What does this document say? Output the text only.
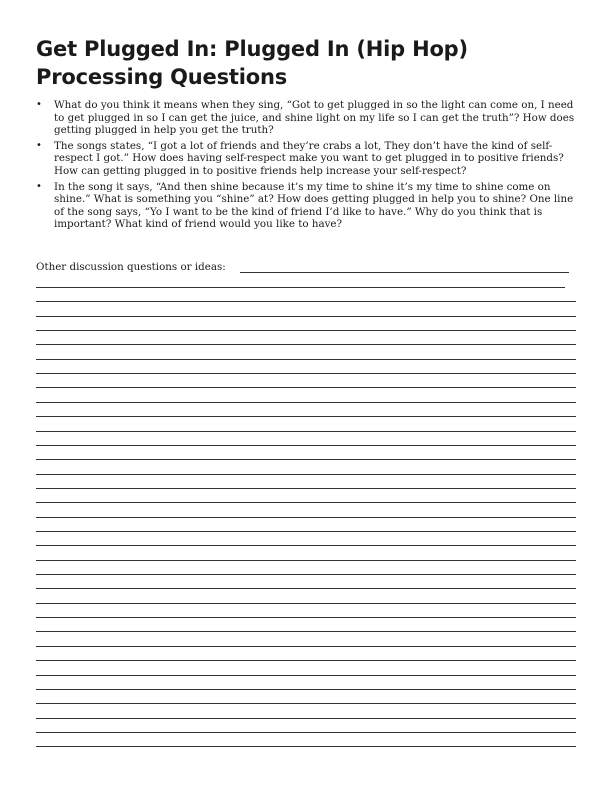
Get Plugged In: Plugged In (Hip Hop)
Processing Questions
• What do you think it means when they sing, “Got to get plugged in so the light can come on, I need to get plugged in so I can get the juice, and shine light on my life so I can get the truth”? How does getting plugged in help you get the truth?
• The songs states, “I got a lot of friends and they’re crabs a lot, They don’t have the kind of self-respect I got.” How does having self-respect make you want to get plugged in to positive friends? How can getting plugged in to positive friends help increase your self-respect?
• In the song it says, “And then shine because it’s my time to shine it’s my time to shine come on shine.” What is something you “shine” at? How does getting plugged in help you to shine? One line of the song says, “Yo I want to be the kind of friend I’d like to have.” Why do you think that is important? What kind of friend would you like to have?
Other discussion questions or ideas:
